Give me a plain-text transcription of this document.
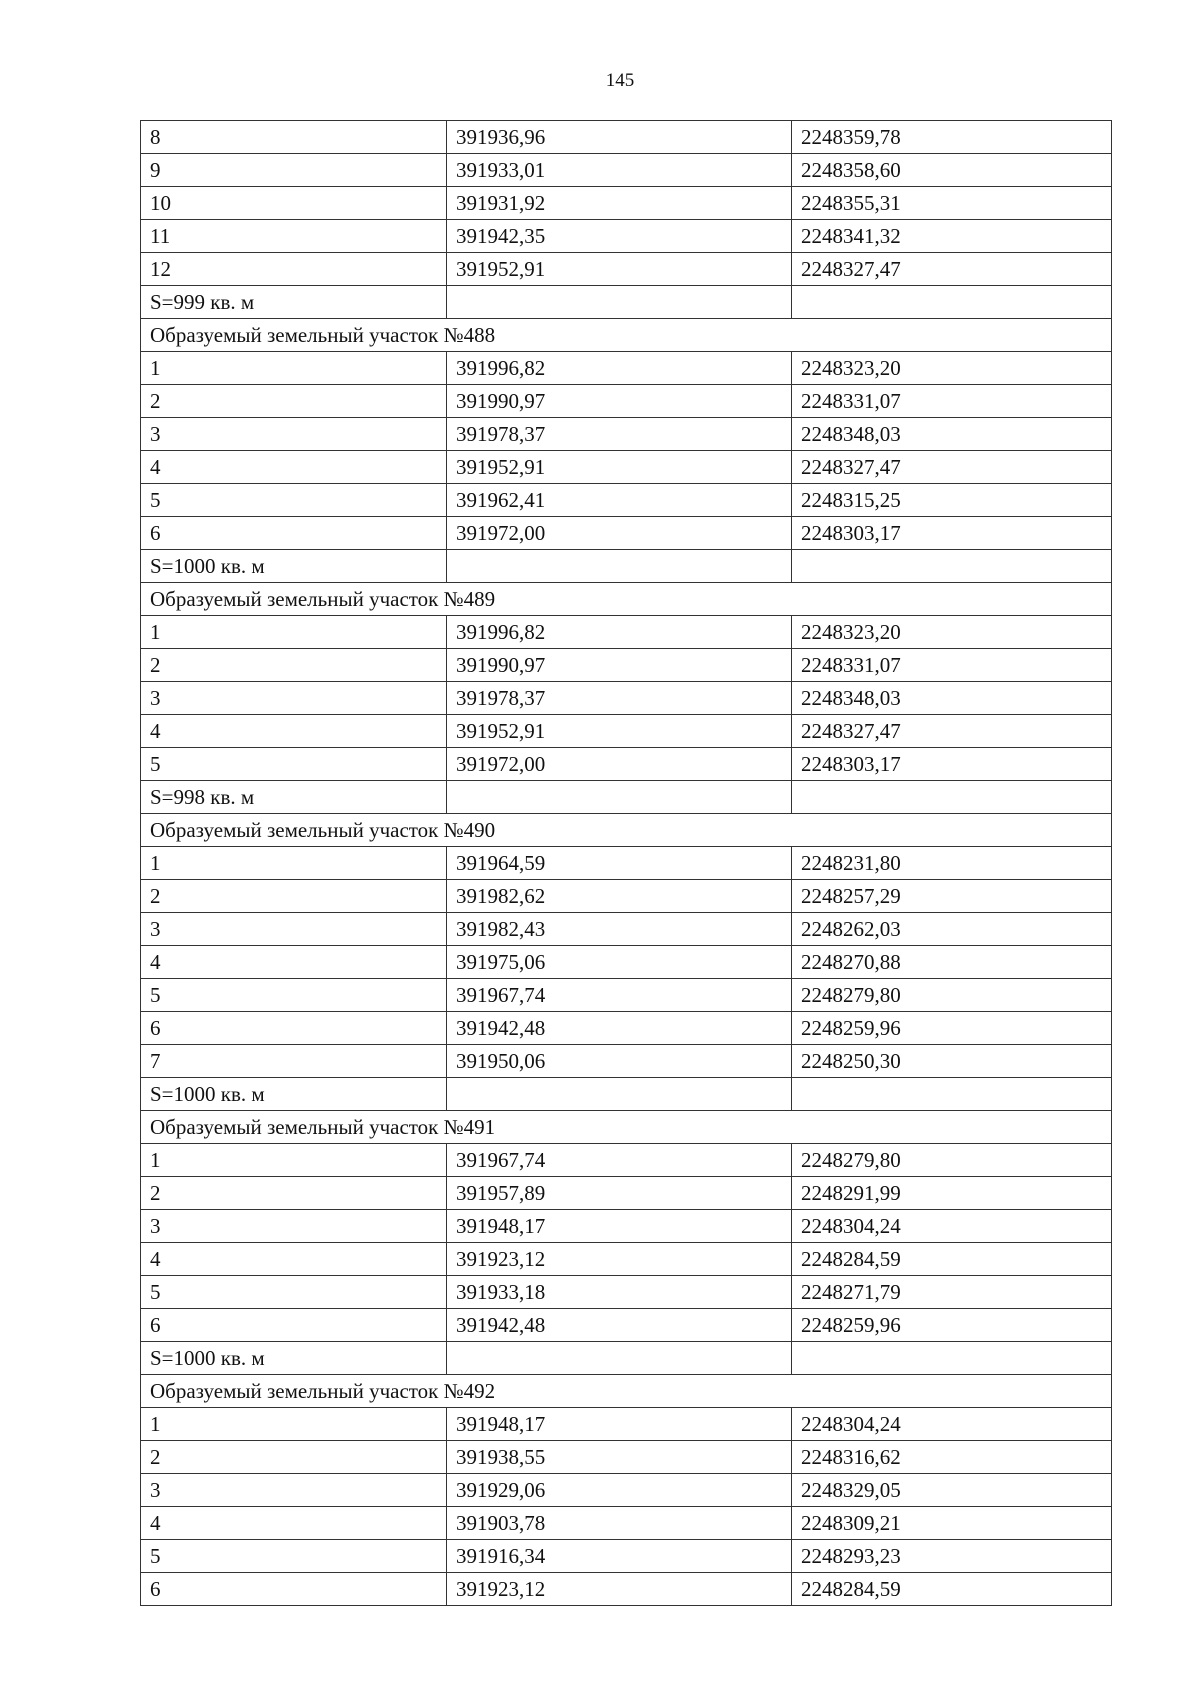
145
8	391936,96	2248359,78
9	391933,01	2248358,60
10	391931,92	2248355,31
11	391942,35	2248341,32
12	391952,91	2248327,47
S=999 кв. м		
Образуемый земельный участок №488		
1	391996,82	2248323,20
2	391990,97	2248331,07
3	391978,37	2248348,03
4	391952,91	2248327,47
5	391962,41	2248315,25
6	391972,00	2248303,17
S=1000 кв. м		
Образуемый земельный участок №489		
1	391996,82	2248323,20
2	391990,97	2248331,07
3	391978,37	2248348,03
4	391952,91	2248327,47
5	391972,00	2248303,17
S=998 кв. м		
Образуемый земельный участок №490		
1	391964,59	2248231,80
2	391982,62	2248257,29
3	391982,43	2248262,03
4	391975,06	2248270,88
5	391967,74	2248279,80
6	391942,48	2248259,96
7	391950,06	2248250,30
S=1000 кв. м		
Образуемый земельный участок №491		
1	391967,74	2248279,80
2	391957,89	2248291,99
3	391948,17	2248304,24
4	391923,12	2248284,59
5	391933,18	2248271,79
6	391942,48	2248259,96
S=1000 кв. м		
Образуемый земельный участок №492		
1	391948,17	2248304,24
2	391938,55	2248316,62
3	391929,06	2248329,05
4	391903,78	2248309,21
5	391916,34	2248293,23
6	391923,12	2248284,59
